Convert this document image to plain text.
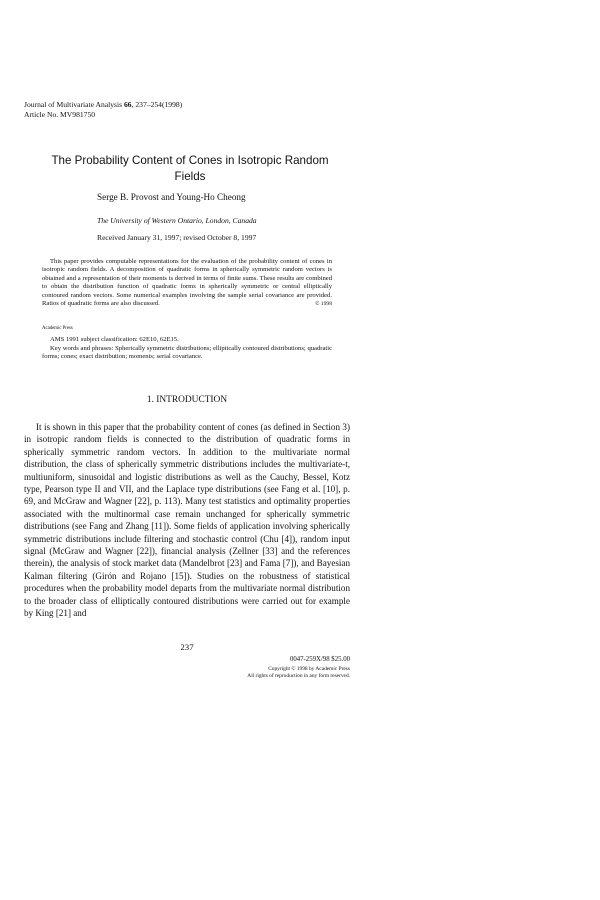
Journal of Multivariate Analysis 66, 237–254(1998)
Article No. MV981750
The Probability Content of Cones in Isotropic Random Fields
Serge B. Provost and Young-Ho Cheong
The University of Western Ontario, London, Canada
Received January 31, 1997; revised October 8, 1997
This paper provides computable representations for the evaluation of the probability content of cones in isotropic random fields. A decomposition of quadratic forms in spherically symmetric random vectors is obtained and a representation of their moments is derived in terms of finite sums. These results are combined to obtain the distribution function of quadratic forms in spherically symmetric or central elliptically contoured random vectors. Some numerical examples involving the sample serial covariance are provided. Ratios of quadratic forms are also discussed.	© 1998
Academic Press
AMS 1991 subject classification: 62E10, 62E15.
Key words and phrases: Spherically symmetric distributions; elliptically contoured distributions; quadratic forms; cones; exact distribution; moments; serial covariance.
1. INTRODUCTION
It is shown in this paper that the probability content of cones (as defined in Section 3) in isotropic random fields is connected to the distribution of quadratic forms in spherically symmetric random vectors. In addition to the multivariate normal distribution, the class of spherically symmetric distributions includes the multivariate-t, multiuniform, sinusoidal and logistic distributions as well as the Cauchy, Bessel, Kotz type, Pearson type II and VII, and the Laplace type distributions (see Fang et al. [10], p. 69, and McGraw and Wagner [22], p. 113). Many test statistics and optimality properties associated with the multinormal case remain unchanged for spherically symmetric distributions (see Fang and Zhang [11]). Some fields of application involving spherically symmetric distributions include filtering and stochastic control (Chu [4]), random input signal (McGraw and Wagner [22]), financial analysis (Zellner [33] and the references therein), the analysis of stock market data (Mandelbrot [23] and Fama [7]), and Bayesian Kalman filtering (Girón and Rojano [15]). Studies on the robustness of statistical procedures when the probability model departs from the multivariate normal distribution to the broader class of elliptically contoured distributions were carried out for example by King [21] and
237
0047-259X/98 $25.00
Copyright © 1998 by Academic Press
All rights of reproduction in any form reserved.
